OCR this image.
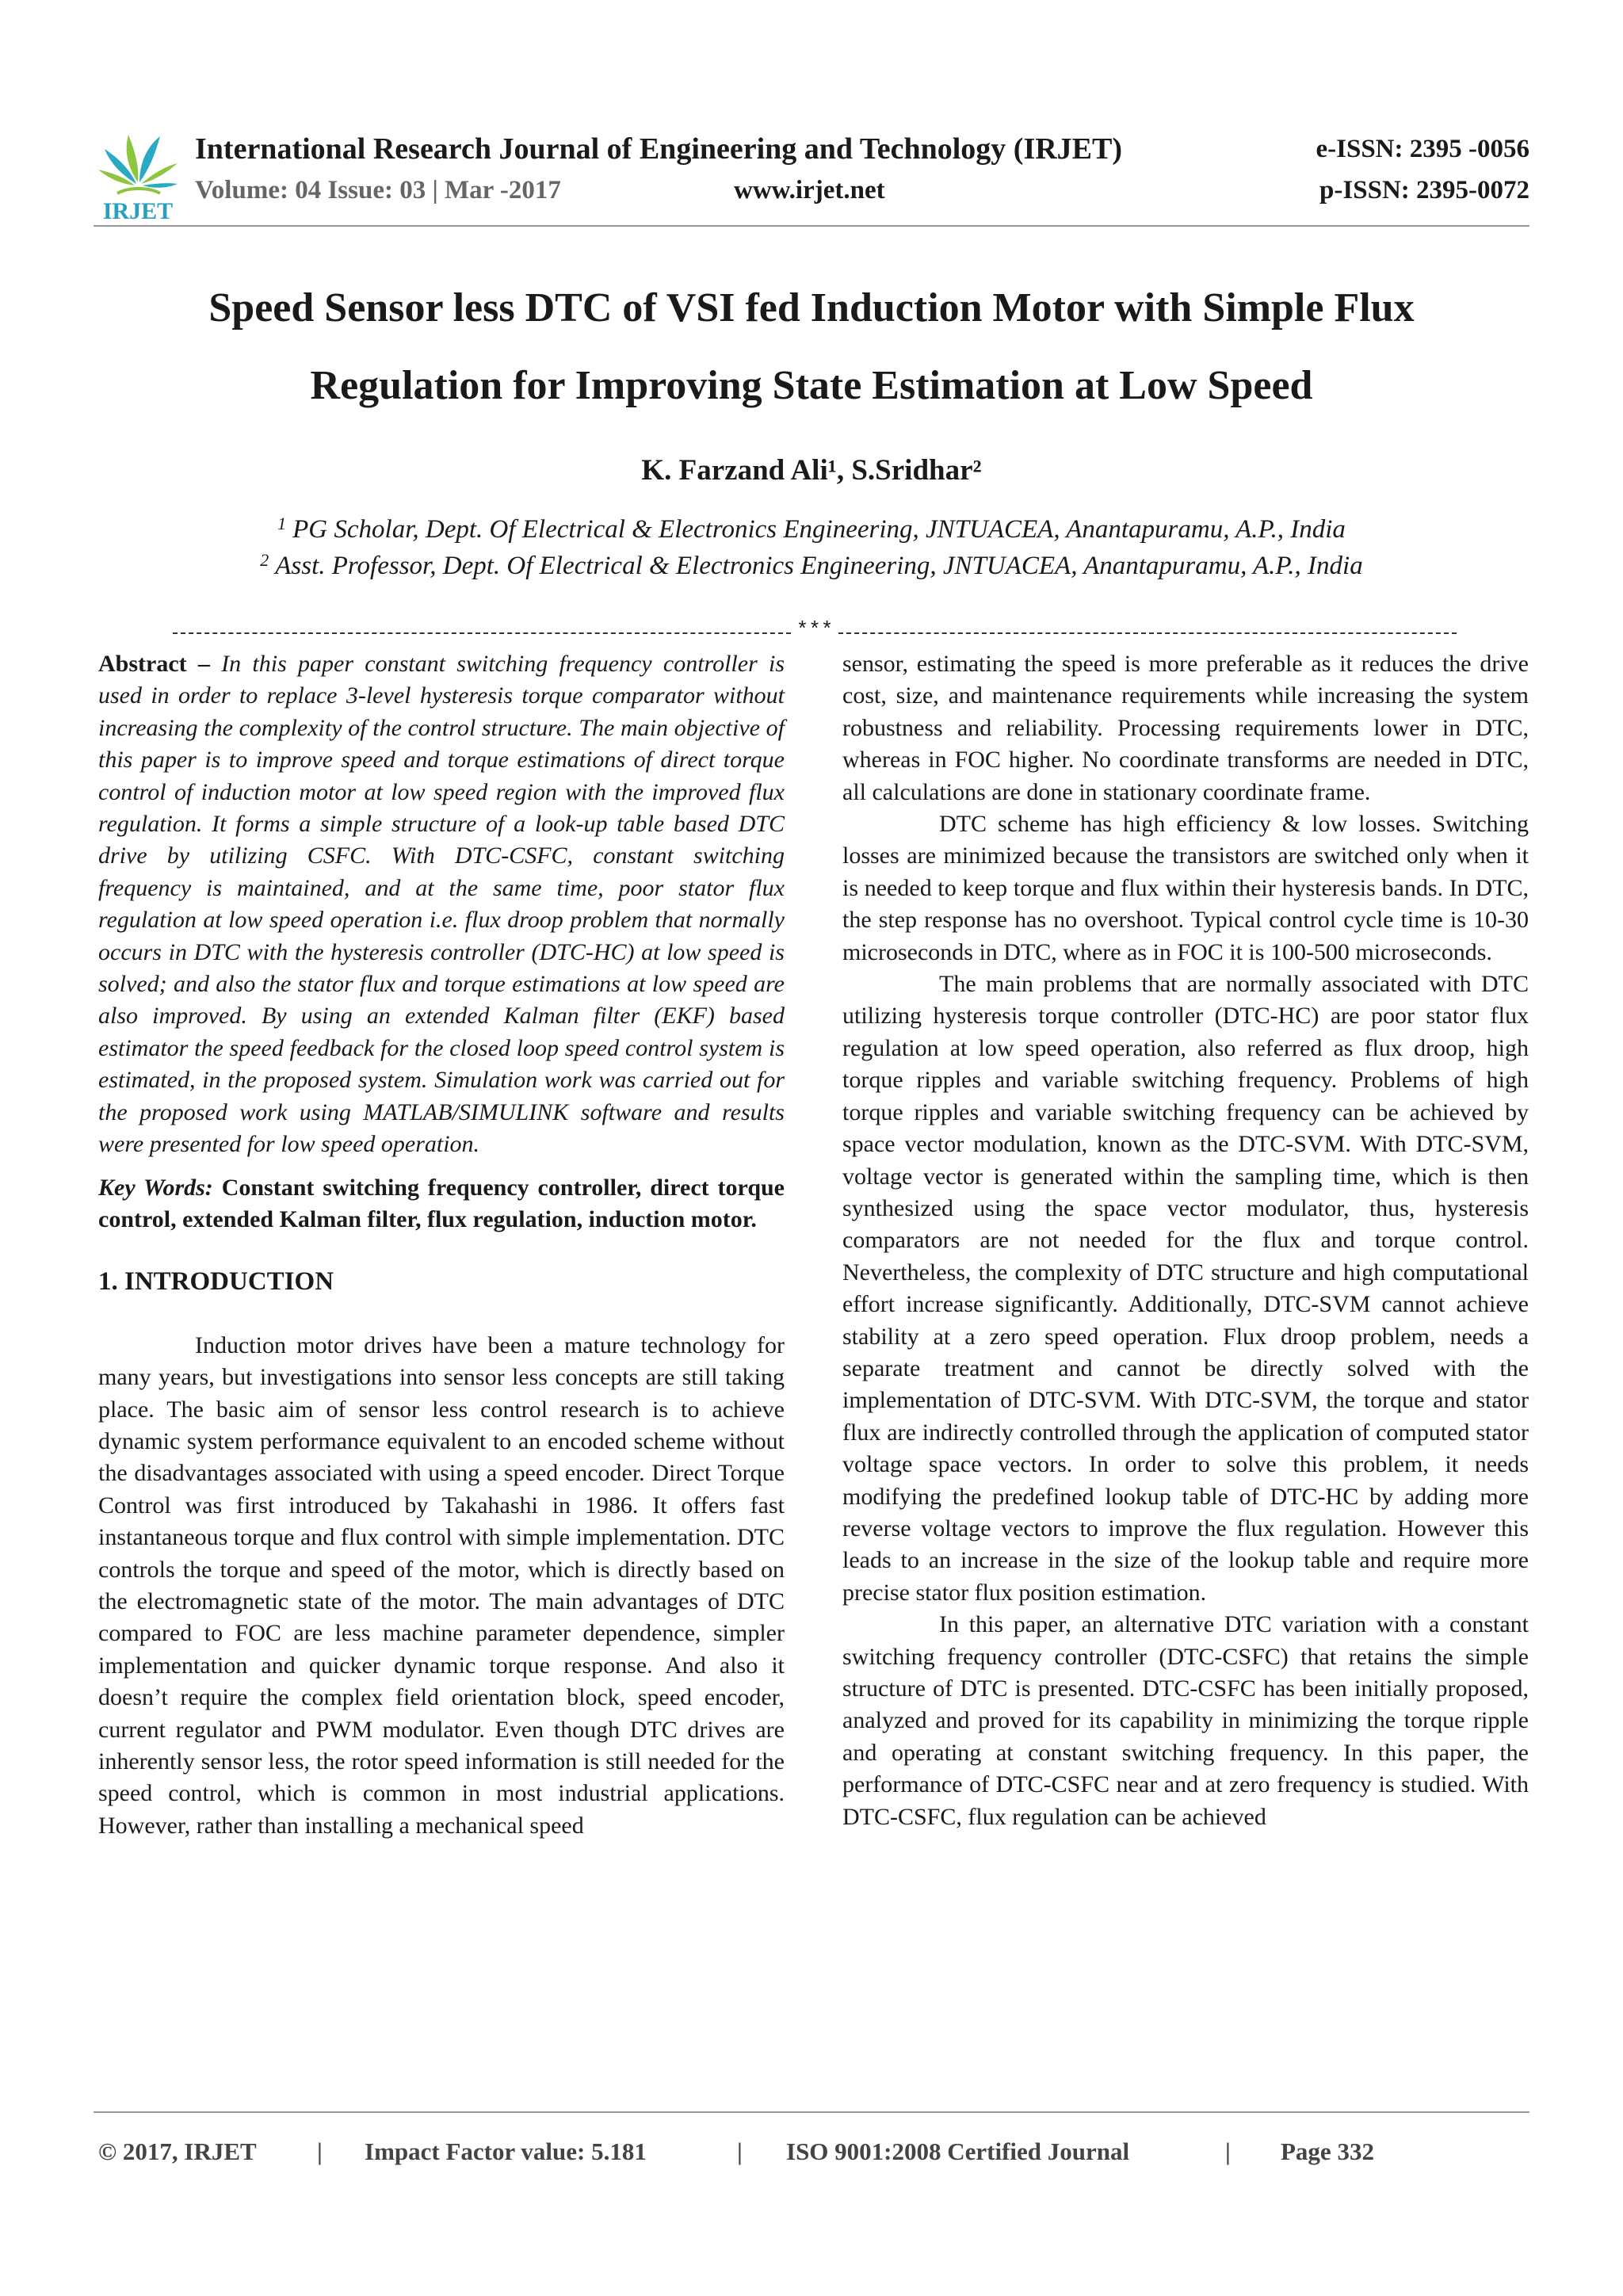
IRJET
International Research Journal of Engineering and Technology (IRJET)
Volume: 04 Issue: 03 | Mar -2017	www.irjet.net
e-ISSN: 2395 -0056
p-ISSN: 2395-0072
Speed Sensor less DTC of VSI fed Induction Motor with Simple Flux
Regulation for Improving State Estimation at Low Speed
K. Farzand Ali¹, S.Sridhar²
$^1$ PG Scholar, Dept. Of Electrical & Electronics Engineering, JNTUACEA, Anantapuramu, A.P., India
$^2$ Asst. Professor, Dept. Of Electrical & Electronics Engineering, JNTUACEA, Anantapuramu, A.P., India
***

Abstract – In this paper constant switching frequency controller is used in order to replace 3-level hysteresis torque comparator without increasing the complexity of the control structure. The main objective of this paper is to improve speed and torque estimations of direct torque control of induction motor at low speed region with the improved flux regulation. It forms a simple structure of a look-up table based DTC drive by utilizing CSFC. With DTC-CSFC, constant switching frequency is maintained, and at the same time, poor stator flux regulation at low speed operation i.e. flux droop problem that normally occurs in DTC with the hysteresis controller (DTC-HC) at low speed is solved; and also the stator flux and torque estimations at low speed are also improved. By using an extended Kalman filter (EKF) based estimator the speed feedback for the closed loop speed control system is estimated, in the proposed system. Simulation work was carried out for the proposed work using MATLAB/SIMULINK software and results were presented for low speed operation.

Key Words: Constant switching frequency controller, direct torque control, extended Kalman filter, flux regulation, induction motor.

1. INTRODUCTION

Induction motor drives have been a mature technology for many years, but investigations into sensor less concepts are still taking place. The basic aim of sensor less control research is to achieve dynamic system performance equivalent to an encoded scheme without the disadvantages associated with using a speed encoder. Direct Torque Control was first introduced by Takahashi in 1986. It offers fast instantaneous torque and flux control with simple implementation. DTC controls the torque and speed of the motor, which is directly based on the electromagnetic state of the motor. The main advantages of DTC compared to FOC are less machine parameter dependence, simpler implementation and quicker dynamic torque response. And also it doesn’t require the complex field orientation block, speed encoder, current regulator and PWM modulator. Even though DTC drives are inherently sensor less, the rotor speed information is still needed for the speed control, which is common in most industrial applications. However, rather than installing a mechanical speed

sensor, estimating the speed is more preferable as it reduces the drive cost, size, and maintenance requirements while increasing the system robustness and reliability. Processing requirements lower in DTC, whereas in FOC higher. No coordinate transforms are needed in DTC, all calculations are done in stationary coordinate frame.

DTC scheme has high efficiency & low losses. Switching losses are minimized because the transistors are switched only when it is needed to keep torque and flux within their hysteresis bands. In DTC, the step response has no overshoot. Typical control cycle time is 10-30 microseconds in DTC, where as in FOC it is 100-500 microseconds.

The main problems that are normally associated with DTC utilizing hysteresis torque controller (DTC-HC) are poor stator flux regulation at low speed operation, also referred as flux droop, high torque ripples and variable switching frequency. Problems of high torque ripples and variable switching frequency can be achieved by space vector modulation, known as the DTC-SVM. With DTC-SVM, voltage vector is generated within the sampling time, which is then synthesized using the space vector modulator, thus, hysteresis comparators are not needed for the flux and torque control. Nevertheless, the complexity of DTC structure and high computational effort increase significantly. Additionally, DTC-SVM cannot achieve stability at a zero speed operation. Flux droop problem, needs a separate treatment and cannot be directly solved with the implementation of DTC-SVM. With DTC-SVM, the torque and stator flux are indirectly controlled through the application of computed stator voltage space vectors. In order to solve this problem, it needs modifying the predefined lookup table of DTC-HC by adding more reverse voltage vectors to improve the flux regulation. However this leads to an increase in the size of the lookup table and require more precise stator flux position estimation.

In this paper, an alternative DTC variation with a constant switching frequency controller (DTC-CSFC) that retains the simple structure of DTC is presented. DTC-CSFC has been initially proposed, analyzed and proved for its capability in minimizing the torque ripple and operating at constant switching frequency. In this paper, the performance of DTC-CSFC near and at zero frequency is studied. With DTC-CSFC, flux regulation can be achieved

© 2017, IRJET | Impact Factor value: 5.181	| ISO 9001:2008 Certified Journal	| Page 332
